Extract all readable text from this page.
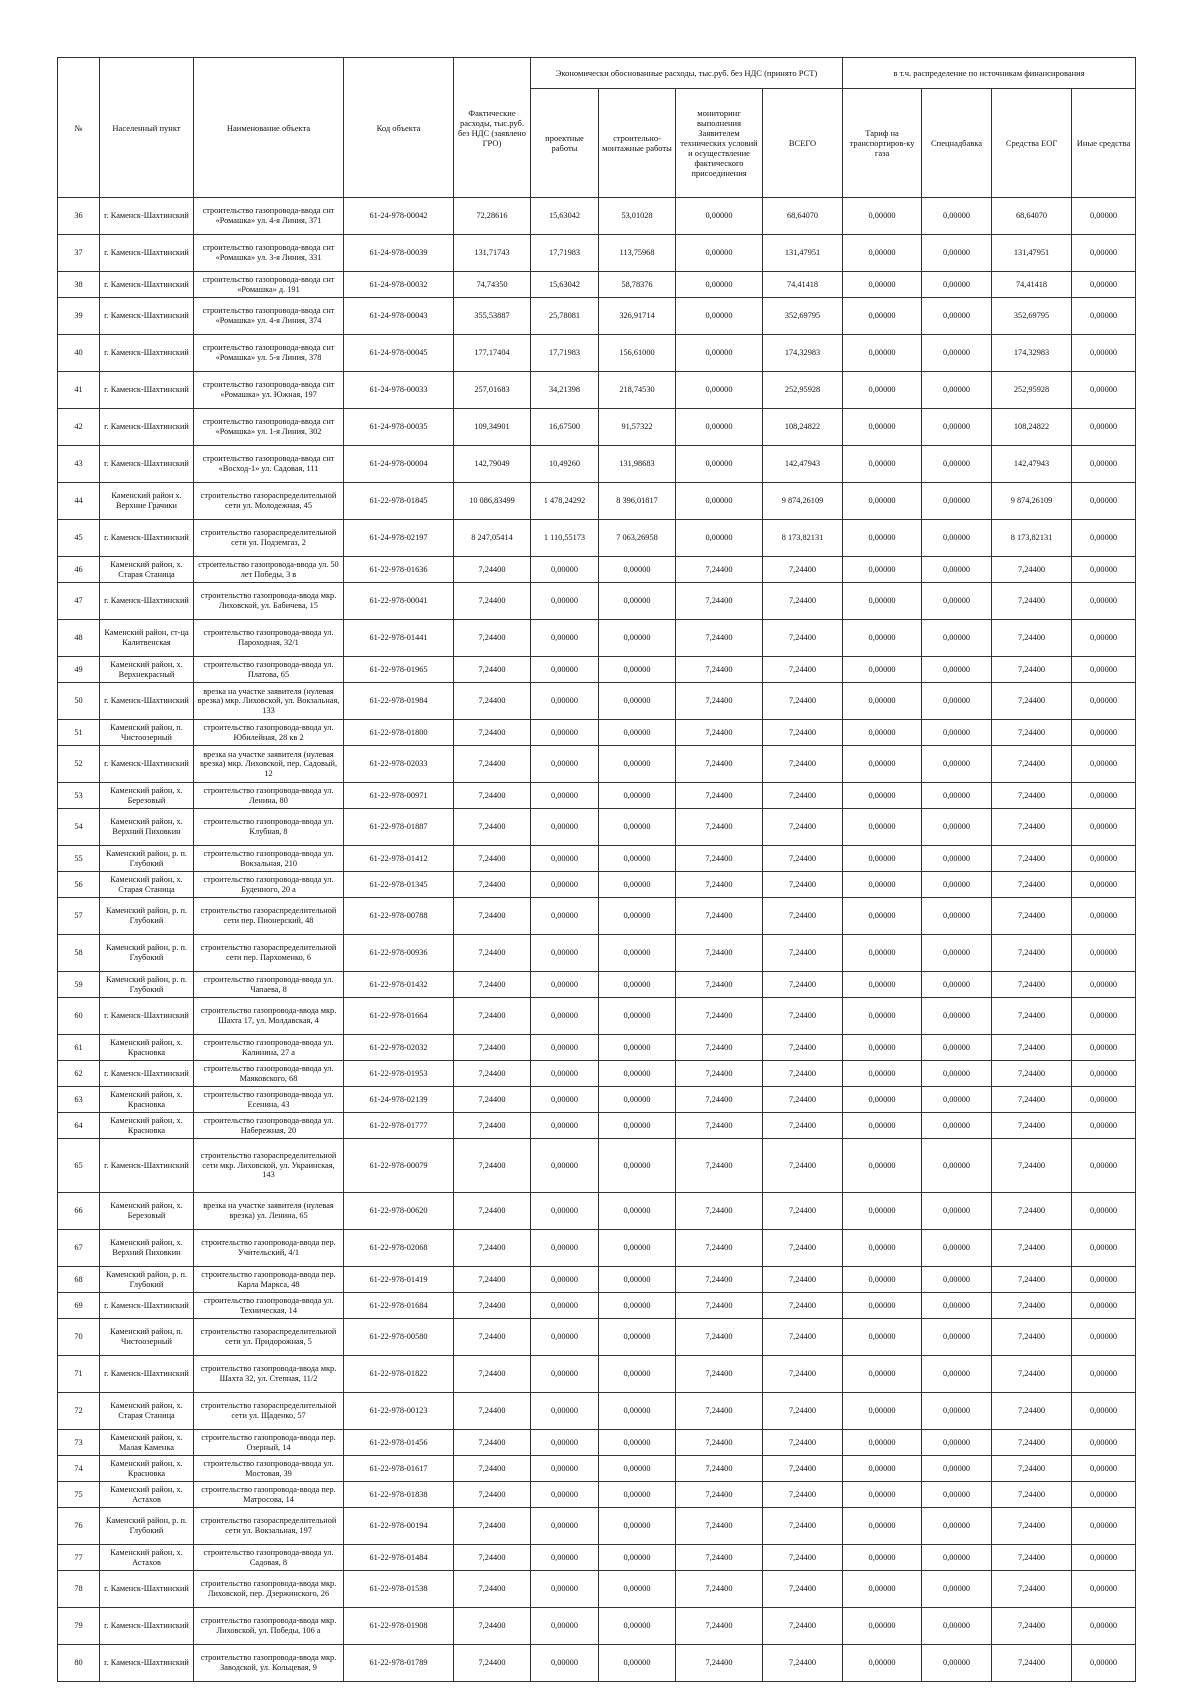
№	Населенный пункт	Наименование объекта	Код объекта	Фактические расходы, тыс.руб. без НДС (заявлено ГРО)	Экономически обоснованные расходы, тыс.руб. без НДС (принято РСТ)				в т.ч. распределение по источникам финансирования			
					проектные работы	строительно-монтажные работы	мониторинг выполнения Заявителем технических условий и осуществление фактического присоединения	ВСЕГО	Тариф на транспортиров-ку газа	Спецнадбавка	Средства ЕОГ	Иные средства
36	г. Каменск-Шахтинский	строительство газопровода-ввода снт «Ромашка» ул. 4-я Линия, 371	61-24-978-00042	72,28616	15,63042	53,01028	0,00000	68,64070	0,00000	0,00000	68,64070	0,00000
37	г. Каменск-Шахтинский	строительство газопровода-ввода снт «Ромашка» ул. 3-я Линия, 331	61-24-978-00039	131,71743	17,71983	113,75968	0,00000	131,47951	0,00000	0,00000	131,47951	0,00000
38	г. Каменск-Шахтинский	строительство газопровода-ввода снт «Ромашка» д. 191	61-24-978-00032	74,74350	15,63042	58,78376	0,00000	74,41418	0,00000	0,00000	74,41418	0,00000
39	г. Каменск-Шахтинский	строительство газопровода-ввода снт «Ромашка» ул. 4-я Линия, 374	61-24-978-00043	355,53887	25,78081	326,91714	0,00000	352,69795	0,00000	0,00000	352,69795	0,00000
40	г. Каменск-Шахтинский	строительство газопровода-ввода снт «Ромашка» ул. 5-я Линия, 378	61-24-978-00045	177,17404	17,71983	156,61000	0,00000	174,32983	0,00000	0,00000	174,32983	0,00000
41	г. Каменск-Шахтинский	строительство газопровода-ввода снт «Ромашка» ул. Южная, 197	61-24-978-00033	257,01683	34,21398	218,74530	0,00000	252,95928	0,00000	0,00000	252,95928	0,00000
42	г. Каменск-Шахтинский	строительство газопровода-ввода снт «Ромашка» ул. 1-я Линия, 302	61-24-978-00035	109,34901	16,67500	91,57322	0,00000	108,24822	0,00000	0,00000	108,24822	0,00000
43	г. Каменск-Шахтинский	строительство газопровода-ввода снт «Восход-1» ул. Садовая, 111	61-24-978-00004	142,79049	10,49260	131,98683	0,00000	142,47943	0,00000	0,00000	142,47943	0,00000
44	Каменский район х. Верхние Грачики	строительство газораспределительной сети ул. Молодежная, 45	61-22-978-01845	10 086,83499	1 478,24292	8 396,01817	0,00000	9 874,26109	0,00000	0,00000	9 874,26109	0,00000
45	г. Каменск-Шахтинский	строительство газораспределительной сети ул. Подземгаз, 2	61-24-978-02197	8 247,05414	1 110,55173	7 063,26958	0,00000	8 173,82131	0,00000	0,00000	8 173,82131	0,00000
46	Каменский район, х. Старая Станица	строительство газопровода-ввода ул. 50 лет Победы, 3 в	61-22-978-01636	7,24400	0,00000	0,00000	7,24400	7,24400	0,00000	0,00000	7,24400	0,00000
47	г. Каменск-Шахтинский	строительство газопровода-ввода мкр. Лиховской, ул. Бабичева, 15	61-22-978-00041	7,24400	0,00000	0,00000	7,24400	7,24400	0,00000	0,00000	7,24400	0,00000
48	Каменский район, ст-ца Калитвенская	строительство газопровода-ввода ул. Пароходная, 32/1	61-22-978-01441	7,24400	0,00000	0,00000	7,24400	7,24400	0,00000	0,00000	7,24400	0,00000
49	Каменский район, х. Верхнекрасный	строительство газопровода-ввода ул. Платова, 65	61-22-978-01965	7,24400	0,00000	0,00000	7,24400	7,24400	0,00000	0,00000	7,24400	0,00000
50	г. Каменск-Шахтинский	врезка на участке заявителя (нулевая врезка) мкр. Лиховской, ул. Вокзальная, 133	61-22-978-01984	7,24400	0,00000	0,00000	7,24400	7,24400	0,00000	0,00000	7,24400	0,00000
51	Каменский район, п. Чистоозерный	строительство газопровода-ввода ул. Юбилейная, 28 кв 2	61-22-978-01800	7,24400	0,00000	0,00000	7,24400	7,24400	0,00000	0,00000	7,24400	0,00000
52	г. Каменск-Шахтинский	врезка на участке заявителя (нулевая врезка) мкр. Лиховской, пер. Садовый, 12	61-22-978-02033	7,24400	0,00000	0,00000	7,24400	7,24400	0,00000	0,00000	7,24400	0,00000
53	Каменский район, х. Березовый	строительство газопровода-ввода ул. Ленина, 80	61-22-978-00971	7,24400	0,00000	0,00000	7,24400	7,24400	0,00000	0,00000	7,24400	0,00000
54	Каменский район, х. Верхний Пиховкин	строительство газопровода-ввода ул. Клубная, 8	61-22-978-01887	7,24400	0,00000	0,00000	7,24400	7,24400	0,00000	0,00000	7,24400	0,00000
55	Каменский район, р. п. Глубокий	строительство газопровода-ввода ул. Вокзальная, 210	61-22-978-01412	7,24400	0,00000	0,00000	7,24400	7,24400	0,00000	0,00000	7,24400	0,00000
56	Каменский район, х. Старая Станица	строительство газопровода-ввода ул. Буденного, 20 а	61-22-978-01345	7,24400	0,00000	0,00000	7,24400	7,24400	0,00000	0,00000	7,24400	0,00000
57	Каменский район, р. п. Глубокий	строительство газораспределительной сети пер. Пионерский, 48	61-22-978-00788	7,24400	0,00000	0,00000	7,24400	7,24400	0,00000	0,00000	7,24400	0,00000
58	Каменский район, р. п. Глубокий	строительство газораспределительной сети пер. Пархоменко, 6	61-22-978-00936	7,24400	0,00000	0,00000	7,24400	7,24400	0,00000	0,00000	7,24400	0,00000
59	Каменский район, р. п. Глубокий	строительство газопровода-ввода ул. Чапаева, 8	61-22-978-01432	7,24400	0,00000	0,00000	7,24400	7,24400	0,00000	0,00000	7,24400	0,00000
60	г. Каменск-Шахтинский	строительство газопровода-ввода мкр. Шахта 17, ул. Молдавская, 4	61-22-978-01664	7,24400	0,00000	0,00000	7,24400	7,24400	0,00000	0,00000	7,24400	0,00000
61	Каменский район, х. Красновка	строительство газопровода-ввода ул. Калинина, 27 а	61-22-978-02032	7,24400	0,00000	0,00000	7,24400	7,24400	0,00000	0,00000	7,24400	0,00000
62	г. Каменск-Шахтинский	строительство газопровода-ввода ул. Маяковского, 68	61-22-978-01953	7,24400	0,00000	0,00000	7,24400	7,24400	0,00000	0,00000	7,24400	0,00000
63	Каменский район, х. Красновка	строительство газопровода-ввода ул. Есенина, 43	61-24-978-02139	7,24400	0,00000	0,00000	7,24400	7,24400	0,00000	0,00000	7,24400	0,00000
64	Каменский район, х. Красновка	строительство газопровода-ввода ул. Набережная, 20	61-22-978-01777	7,24400	0,00000	0,00000	7,24400	7,24400	0,00000	0,00000	7,24400	0,00000
65	г. Каменск-Шахтинский	строительство газораспределительной сети мкр. Лиховской, ул. Украинская, 143	61-22-978-00079	7,24400	0,00000	0,00000	7,24400	7,24400	0,00000	0,00000	7,24400	0,00000
66	Каменский район, х. Березовый	врезка на участке заявителя (нулевая врезка) ул. Ленина, 65	61-22-978-00620	7,24400	0,00000	0,00000	7,24400	7,24400	0,00000	0,00000	7,24400	0,00000
67	Каменский район, х. Верхний Пиховкин	строительство газопровода-ввода пер. Учительский, 4/1	61-22-978-02068	7,24400	0,00000	0,00000	7,24400	7,24400	0,00000	0,00000	7,24400	0,00000
68	Каменский район, р. п. Глубокий	строительство газопровода-ввода пер. Карла Маркса, 48	61-22-978-01419	7,24400	0,00000	0,00000	7,24400	7,24400	0,00000	0,00000	7,24400	0,00000
69	г. Каменск-Шахтинский	строительство газопровода-ввода ул. Техническая, 14	61-22-978-01684	7,24400	0,00000	0,00000	7,24400	7,24400	0,00000	0,00000	7,24400	0,00000
70	Каменский район, п. Чистоозерный	строительство газораспределительной сети ул. Придорожная, 5	61-22-978-00580	7,24400	0,00000	0,00000	7,24400	7,24400	0,00000	0,00000	7,24400	0,00000
71	г. Каменск-Шахтинский	строительство газопровода-ввода мкр. Шахта 32, ул. Степная, 11/2	61-22-978-01822	7,24400	0,00000	0,00000	7,24400	7,24400	0,00000	0,00000	7,24400	0,00000
72	Каменский район, х. Старая Станица	строительство газораспределительной сети ул. Щаденко, 57	61-22-978-00123	7,24400	0,00000	0,00000	7,24400	7,24400	0,00000	0,00000	7,24400	0,00000
73	Каменский район, х. Малая Каменка	строительство газопровода-ввода пер. Озерный, 14	61-22-978-01456	7,24400	0,00000	0,00000	7,24400	7,24400	0,00000	0,00000	7,24400	0,00000
74	Каменский район, х. Красновка	строительство газопровода-ввода ул. Мостовая, 39	61-22-978-01617	7,24400	0,00000	0,00000	7,24400	7,24400	0,00000	0,00000	7,24400	0,00000
75	Каменский район, х. Астахов	строительство газопровода-ввода пер. Матросова, 14	61-22-978-01838	7,24400	0,00000	0,00000	7,24400	7,24400	0,00000	0,00000	7,24400	0,00000
76	Каменский район, р. п. Глубокий	строительство газораспределительной сети ул. Вокзальная, 197	61-22-978-00194	7,24400	0,00000	0,00000	7,24400	7,24400	0,00000	0,00000	7,24400	0,00000
77	Каменский район, х. Астахов	строительство газопровода-ввода ул. Садовая, 8	61-22-978-01484	7,24400	0,00000	0,00000	7,24400	7,24400	0,00000	0,00000	7,24400	0,00000
78	г. Каменск-Шахтинский	строительство газопровода-ввода мкр. Лиховской, пер. Дзержинского, 26	61-22-978-01538	7,24400	0,00000	0,00000	7,24400	7,24400	0,00000	0,00000	7,24400	0,00000
79	г. Каменск-Шахтинский	строительство газопровода-ввода мкр. Лиховской, ул. Победы, 106 а	61-22-978-01908	7,24400	0,00000	0,00000	7,24400	7,24400	0,00000	0,00000	7,24400	0,00000
80	г. Каменск-Шахтинский	строительство газопровода-ввода мкр. Заводской, ул. Кольцевая, 9	61-22-978-01789	7,24400	0,00000	0,00000	7,24400	7,24400	0,00000	0,00000	7,24400	0,00000
